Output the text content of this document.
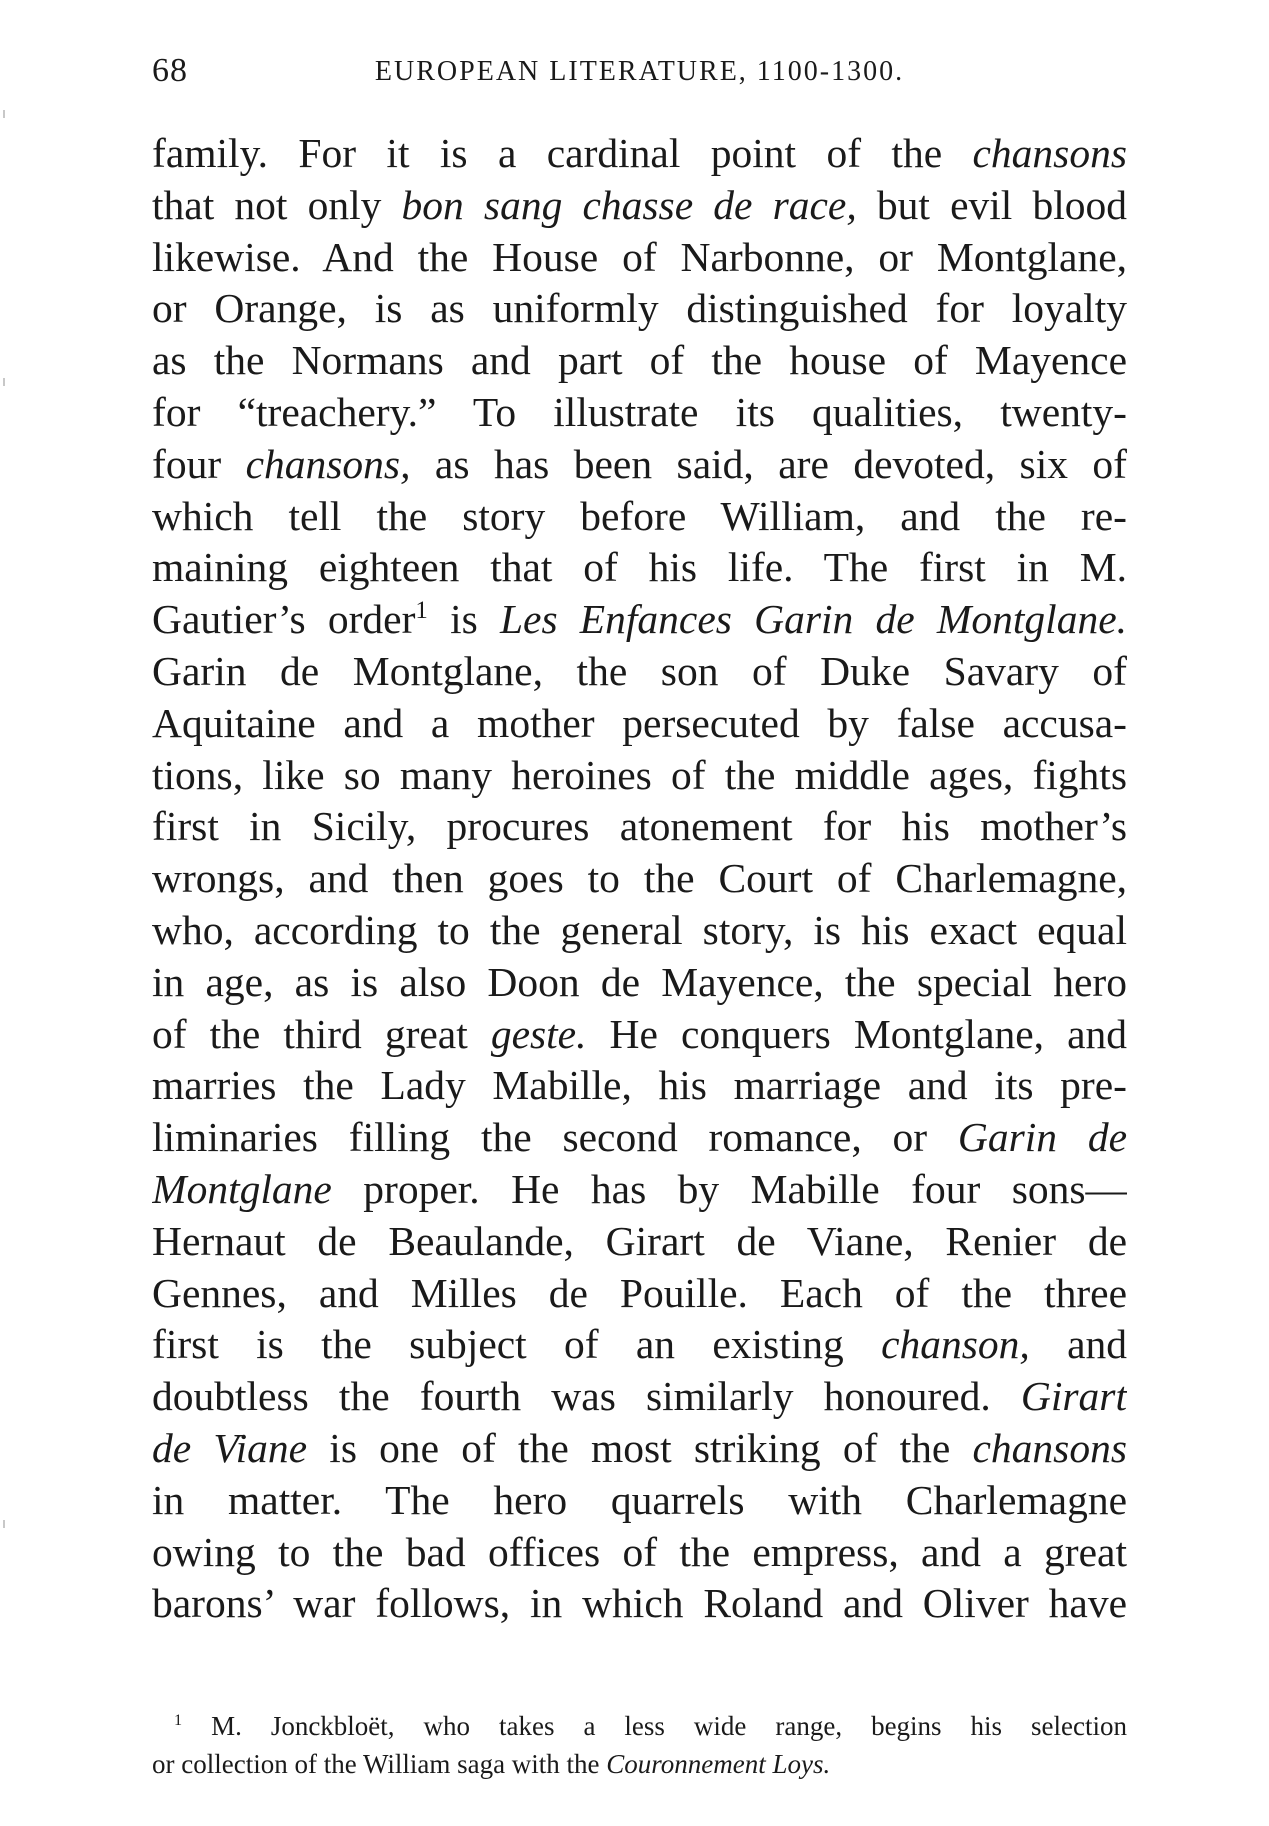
68	EUROPEAN LITERATURE, 1100-1300.
family. For it is a cardinal point of the chansons
that not only bon sang chasse de race, but evil blood
likewise. And the House of Narbonne, or Montglane,
or Orange, is as uniformly distinguished for loyalty
as the Normans and part of the house of Mayence
for “treachery.” To illustrate its qualities, twenty-
four chansons, as has been said, are devoted, six of
which tell the story before William, and the re-
maining eighteen that of his life. The first in M.
Gautier’s order$^1$ is Les Enfances Garin de Montglane.
Garin de Montglane, the son of Duke Savary of
Aquitaine and a mother persecuted by false accusa-
tions, like so many heroines of the middle ages, fights
first in Sicily, procures atonement for his mother’s
wrongs, and then goes to the Court of Charlemagne,
who, according to the general story, is his exact equal
in age, as is also Doon de Mayence, the special hero
of the third great geste. He conquers Montglane, and
marries the Lady Mabille, his marriage and its pre-
liminaries filling the second romance, or Garin de
Montglane proper. He has by Mabille four sons—
Hernaut de Beaulande, Girart de Viane, Renier de
Gennes, and Milles de Pouille. Each of the three
first is the subject of an existing chanson, and
doubtless the fourth was similarly honoured. Girart
de Viane is one of the most striking of the chansons
in matter. The hero quarrels with Charlemagne
owing to the bad offices of the empress, and a great
barons’ war follows, in which Roland and Oliver have
$^1$ M. Jonckbloët, who takes a less wide range, begins his selection
or collection of the William saga with the Couronnement Loys.
